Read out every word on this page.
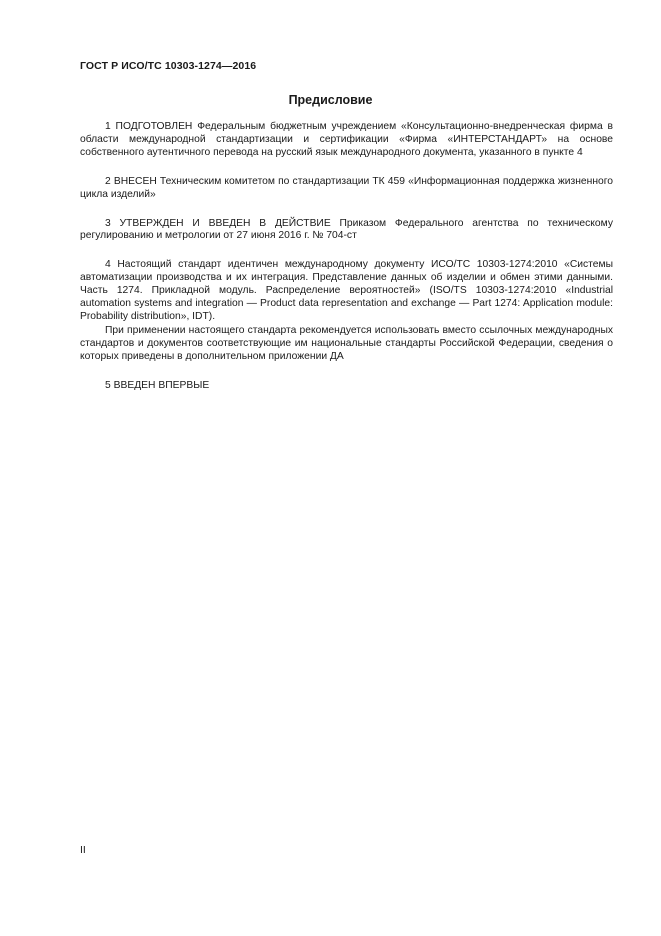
ГОСТ Р ИСО/ТС 10303-1274—2016
Предисловие

1 ПОДГОТОВЛЕН Федеральным бюджетным учреждением «Консультационно-внедренческая фирма в области международной стандартизации и сертификации «Фирма «ИНТЕРСТАНДАРТ» на основе собственного аутентичного перевода на русский язык международного документа, указанного в пункте 4

2 ВНЕСЕН Техническим комитетом по стандартизации ТК 459 «Информационная поддержка жизненного цикла изделий»

3 УТВЕРЖДЕН И ВВЕДЕН В ДЕЙСТВИЕ Приказом Федерального агентства по техническому регулированию и метрологии от 27 июня 2016 г. № 704-ст

4 Настоящий стандарт идентичен международному документу ИСО/ТС 10303-1274:2010 «Системы автоматизации производства и их интеграция. Представление данных об изделии и обмен этими данными. Часть 1274. Прикладной модуль. Распределение вероятностей» (ISO/TS 10303-1274:2010 «Industrial automation systems and integration — Product data representation and exchange — Part 1274: Application module: Probability distribution», IDT).

При применении настоящего стандарта рекомендуется использовать вместо ссылочных международных стандартов и документов соответствующие им национальные стандарты Российской Федерации, сведения о которых приведены в дополнительном приложении ДА

5 ВВЕДЕН ВПЕРВЫЕ

II
